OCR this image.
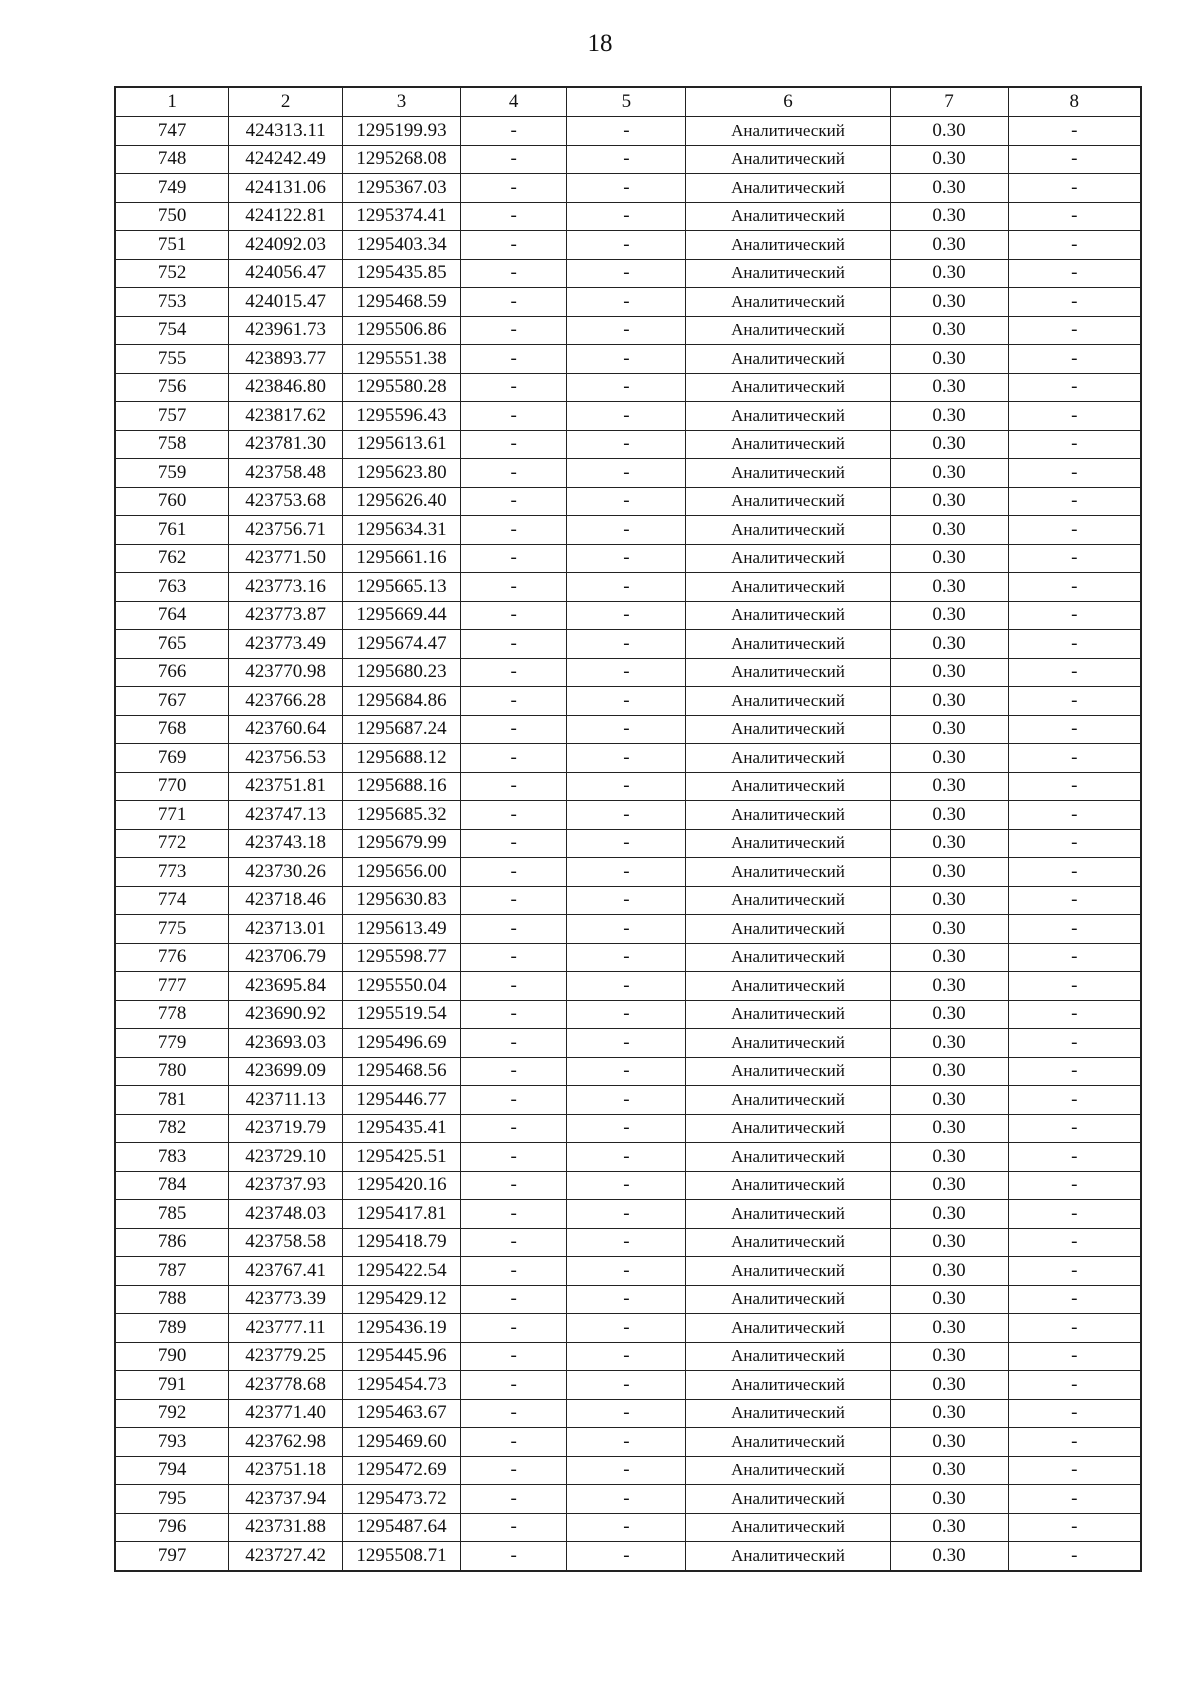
18
1	2	3	4	5	6	7	8
747	424313.11	1295199.93	-	-	Аналитический	0.30	-
748	424242.49	1295268.08	-	-	Аналитический	0.30	-
749	424131.06	1295367.03	-	-	Аналитический	0.30	-
750	424122.81	1295374.41	-	-	Аналитический	0.30	-
751	424092.03	1295403.34	-	-	Аналитический	0.30	-
752	424056.47	1295435.85	-	-	Аналитический	0.30	-
753	424015.47	1295468.59	-	-	Аналитический	0.30	-
754	423961.73	1295506.86	-	-	Аналитический	0.30	-
755	423893.77	1295551.38	-	-	Аналитический	0.30	-
756	423846.80	1295580.28	-	-	Аналитический	0.30	-
757	423817.62	1295596.43	-	-	Аналитический	0.30	-
758	423781.30	1295613.61	-	-	Аналитический	0.30	-
759	423758.48	1295623.80	-	-	Аналитический	0.30	-
760	423753.68	1295626.40	-	-	Аналитический	0.30	-
761	423756.71	1295634.31	-	-	Аналитический	0.30	-
762	423771.50	1295661.16	-	-	Аналитический	0.30	-
763	423773.16	1295665.13	-	-	Аналитический	0.30	-
764	423773.87	1295669.44	-	-	Аналитический	0.30	-
765	423773.49	1295674.47	-	-	Аналитический	0.30	-
766	423770.98	1295680.23	-	-	Аналитический	0.30	-
767	423766.28	1295684.86	-	-	Аналитический	0.30	-
768	423760.64	1295687.24	-	-	Аналитический	0.30	-
769	423756.53	1295688.12	-	-	Аналитический	0.30	-
770	423751.81	1295688.16	-	-	Аналитический	0.30	-
771	423747.13	1295685.32	-	-	Аналитический	0.30	-
772	423743.18	1295679.99	-	-	Аналитический	0.30	-
773	423730.26	1295656.00	-	-	Аналитический	0.30	-
774	423718.46	1295630.83	-	-	Аналитический	0.30	-
775	423713.01	1295613.49	-	-	Аналитический	0.30	-
776	423706.79	1295598.77	-	-	Аналитический	0.30	-
777	423695.84	1295550.04	-	-	Аналитический	0.30	-
778	423690.92	1295519.54	-	-	Аналитический	0.30	-
779	423693.03	1295496.69	-	-	Аналитический	0.30	-
780	423699.09	1295468.56	-	-	Аналитический	0.30	-
781	423711.13	1295446.77	-	-	Аналитический	0.30	-
782	423719.79	1295435.41	-	-	Аналитический	0.30	-
783	423729.10	1295425.51	-	-	Аналитический	0.30	-
784	423737.93	1295420.16	-	-	Аналитический	0.30	-
785	423748.03	1295417.81	-	-	Аналитический	0.30	-
786	423758.58	1295418.79	-	-	Аналитический	0.30	-
787	423767.41	1295422.54	-	-	Аналитический	0.30	-
788	423773.39	1295429.12	-	-	Аналитический	0.30	-
789	423777.11	1295436.19	-	-	Аналитический	0.30	-
790	423779.25	1295445.96	-	-	Аналитический	0.30	-
791	423778.68	1295454.73	-	-	Аналитический	0.30	-
792	423771.40	1295463.67	-	-	Аналитический	0.30	-
793	423762.98	1295469.60	-	-	Аналитический	0.30	-
794	423751.18	1295472.69	-	-	Аналитический	0.30	-
795	423737.94	1295473.72	-	-	Аналитический	0.30	-
796	423731.88	1295487.64	-	-	Аналитический	0.30	-
797	423727.42	1295508.71	-	-	Аналитический	0.30	-
